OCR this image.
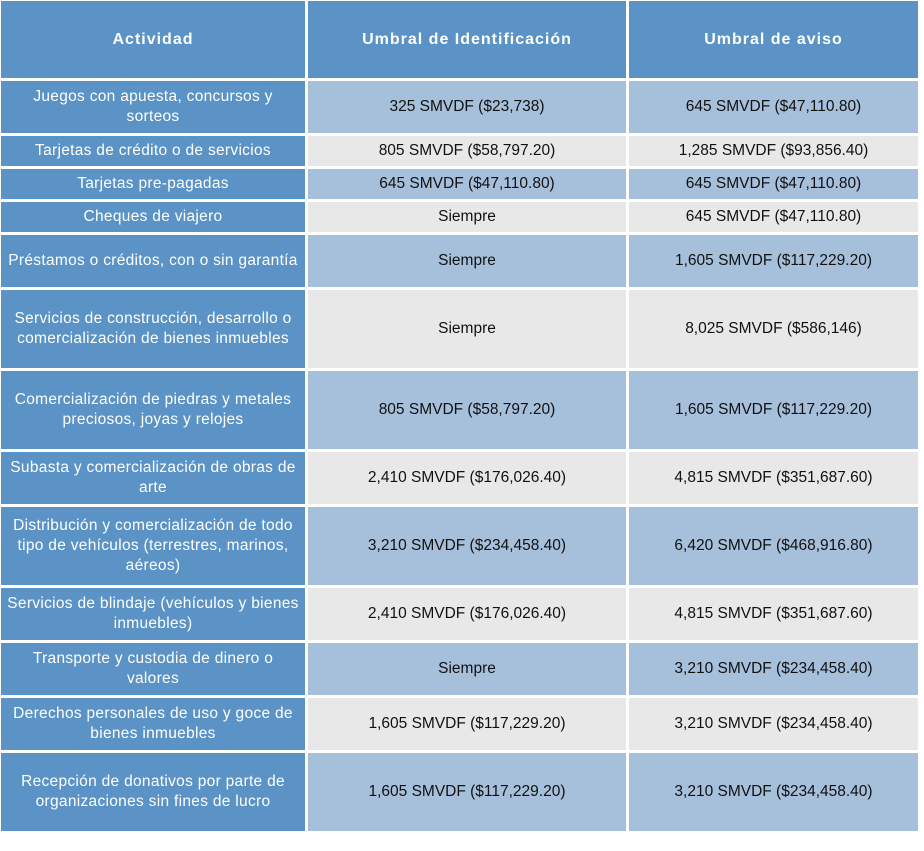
Actividad	Umbral de Identificación	Umbral de aviso
Juegos con apuesta, concursos y sorteos	325 SMVDF ($23,738)	645 SMVDF ($47,110.80)
Tarjetas de crédito o de servicios	805 SMVDF ($58,797.20)	1,285 SMVDF ($93,856.40)
Tarjetas pre-pagadas	645 SMVDF ($47,110.80)	645 SMVDF ($47,110.80)
Cheques de viajero	Siempre	645 SMVDF ($47,110.80)
Préstamos o créditos, con o sin garantía	Siempre	1,605 SMVDF ($117,229.20)
Servicios de construcción, desarrollo o comercialización de bienes inmuebles	Siempre	8,025 SMVDF ($586,146)
Comercialización de piedras y metales preciosos, joyas y relojes	805 SMVDF ($58,797.20)	1,605 SMVDF ($117,229.20)
Subasta y comercialización de obras de arte	2,410 SMVDF ($176,026.40)	4,815 SMVDF ($351,687.60)
Distribución y comercialización de todo tipo de vehículos (terrestres, marinos, aéreos)	3,210 SMVDF ($234,458.40)	6,420 SMVDF ($468,916.80)
Servicios de blindaje (vehículos y bienes inmuebles)	2,410 SMVDF ($176,026.40)	4,815 SMVDF ($351,687.60)
Transporte y custodia de dinero o valores	Siempre	3,210 SMVDF ($234,458.40)
Derechos personales de uso y goce de bienes inmuebles	1,605 SMVDF ($117,229.20)	3,210 SMVDF ($234,458.40)
Recepción de donativos por parte de organizaciones sin fines de lucro	1,605 SMVDF ($117,229.20)	3,210 SMVDF ($234,458.40)
